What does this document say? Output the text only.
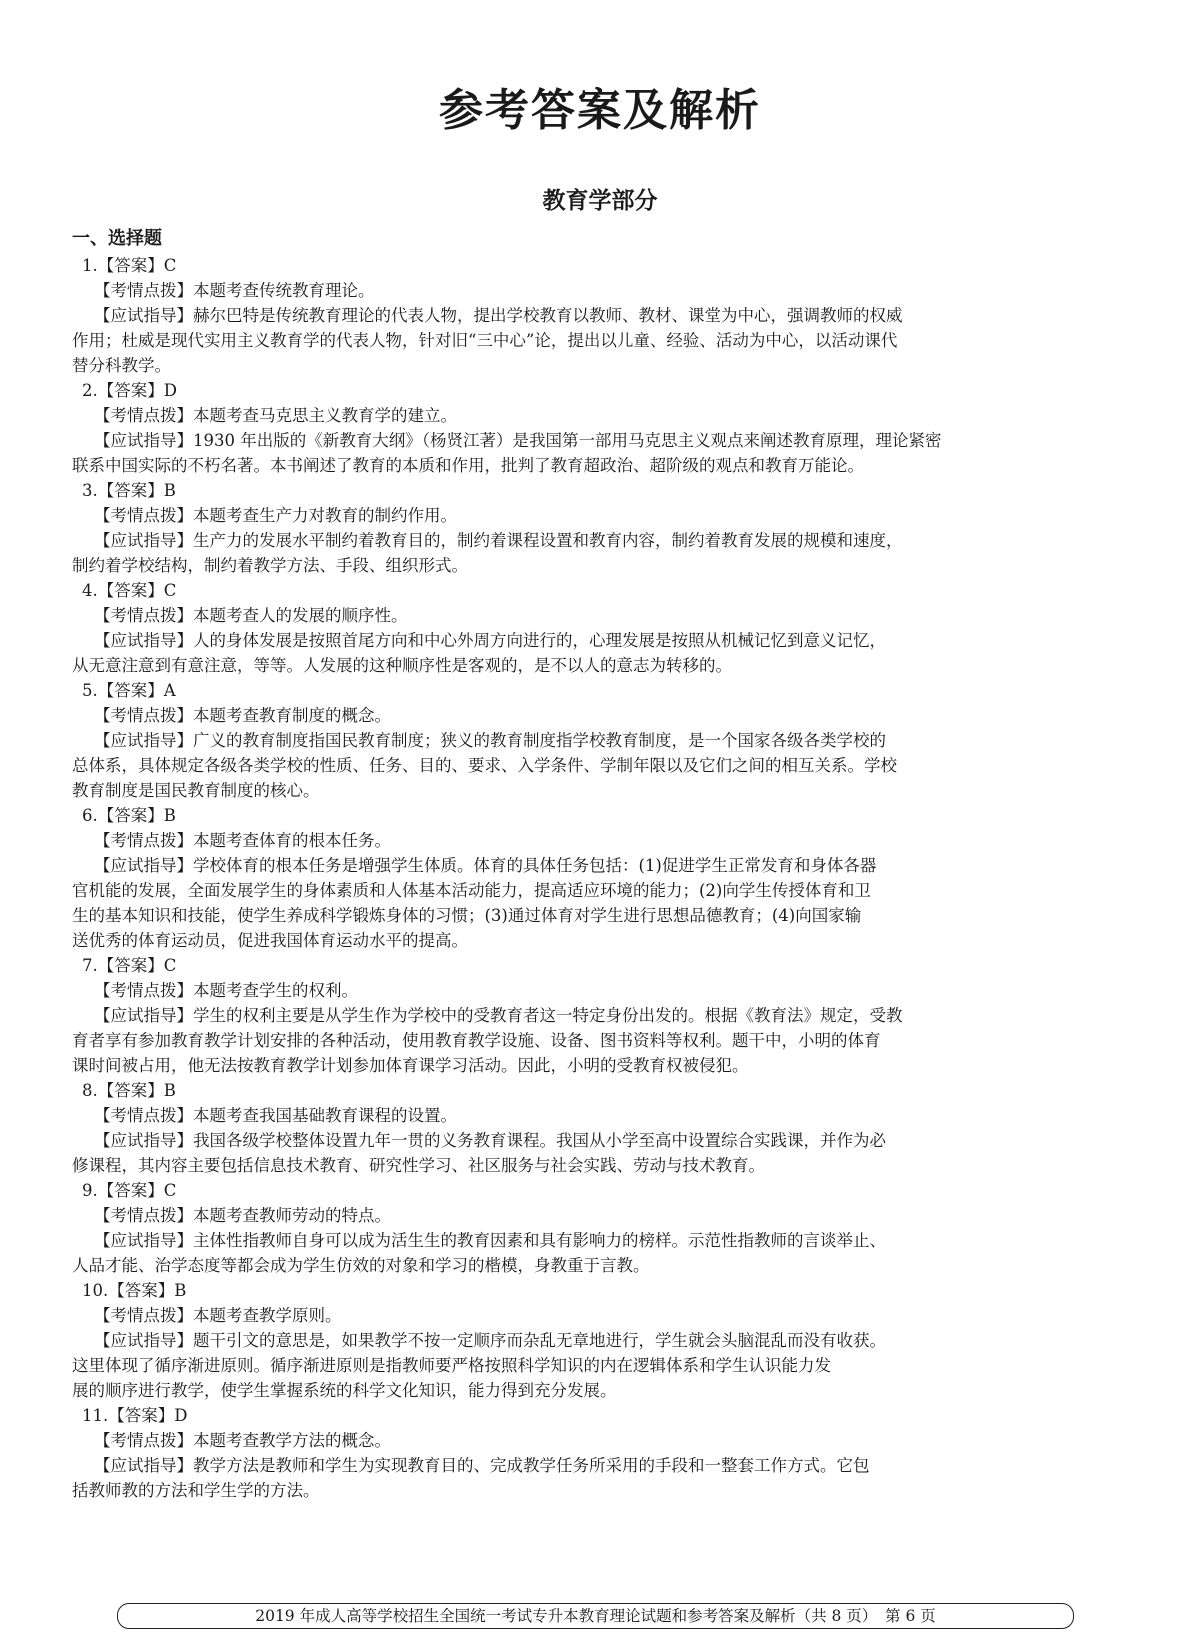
参考答案及解析
教育学部分
一、选择题
1.【答案】C
【考情点拨】本题考查传统教育理论。
【应试指导】赫尔巴特是传统教育理论的代表人物，提出学校教育以教师、教材、课堂为中心，强调教师的权威
作用；杜威是现代实用主义教育学的代表人物，针对旧“三中心”论，提出以儿童、经验、活动为中心，以活动课代
替分科教学。
2.【答案】D
【考情点拨】本题考查马克思主义教育学的建立。
【应试指导】1930 年出版的《新教育大纲》（杨贤江著）是我国第一部用马克思主义观点来阐述教育原理，理论紧密
联系中国实际的不朽名著。本书阐述了教育的本质和作用，批判了教育超政治、超阶级的观点和教育万能论。
3.【答案】B
【考情点拨】本题考查生产力对教育的制约作用。
【应试指导】生产力的发展水平制约着教育目的，制约着课程设置和教育内容，制约着教育发展的规模和速度，
制约着学校结构，制约着教学方法、手段、组织形式。
4.【答案】C
【考情点拨】本题考查人的发展的顺序性。
【应试指导】人的身体发展是按照首尾方向和中心外周方向进行的，心理发展是按照从机械记忆到意义记忆，
从无意注意到有意注意，等等。人发展的这种顺序性是客观的，是不以人的意志为转移的。
5.【答案】A
【考情点拨】本题考查教育制度的概念。
【应试指导】广义的教育制度指国民教育制度；狭义的教育制度指学校教育制度，是一个国家各级各类学校的
总体系，具体规定各级各类学校的性质、任务、目的、要求、入学条件、学制年限以及它们之间的相互关系。学校
教育制度是国民教育制度的核心。
6.【答案】B
【考情点拨】本题考查体育的根本任务。
【应试指导】学校体育的根本任务是增强学生体质。体育的具体任务包括：(1)促进学生正常发育和身体各器
官机能的发展，全面发展学生的身体素质和人体基本活动能力，提高适应环境的能力；(2)向学生传授体育和卫
生的基本知识和技能，使学生养成科学锻炼身体的习惯；(3)通过体育对学生进行思想品德教育；(4)向国家输
送优秀的体育运动员，促进我国体育运动水平的提高。
7.【答案】C
【考情点拨】本题考查学生的权利。
【应试指导】学生的权利主要是从学生作为学校中的受教育者这一特定身份出发的。根据《教育法》规定，受教
育者享有参加教育教学计划安排的各种活动，使用教育教学设施、设备、图书资料等权利。题干中，小明的体育
课时间被占用，他无法按教育教学计划参加体育课学习活动。因此，小明的受教育权被侵犯。
8.【答案】B
【考情点拨】本题考查我国基础教育课程的设置。
【应试指导】我国各级学校整体设置九年一贯的义务教育课程。我国从小学至高中设置综合实践课，并作为必
修课程，其内容主要包括信息技术教育、研究性学习、社区服务与社会实践、劳动与技术教育。
9.【答案】C
【考情点拨】本题考查教师劳动的特点。
【应试指导】主体性指教师自身可以成为活生生的教育因素和具有影响力的榜样。示范性指教师的言谈举止、
人品才能、治学态度等都会成为学生仿效的对象和学习的楷模，身教重于言教。
10.【答案】B
【考情点拨】本题考查教学原则。
【应试指导】题干引文的意思是，如果教学不按一定顺序而杂乱无章地进行，学生就会头脑混乱而没有收获。
这里体现了循序渐进原则。循序渐进原则是指教师要严格按照科学知识的内在逻辑体系和学生认识能力发
展的顺序进行教学，使学生掌握系统的科学文化知识，能力得到充分发展。
11.【答案】D
【考情点拨】本题考查教学方法的概念。
【应试指导】教学方法是教师和学生为实现教育目的、完成教学任务所采用的手段和一整套工作方式。它包
括教师教的方法和学生学的方法。
2019 年成人高等学校招生全国统一考试专升本教育理论试题和参考答案及解析（共 8 页）　第 6 页
